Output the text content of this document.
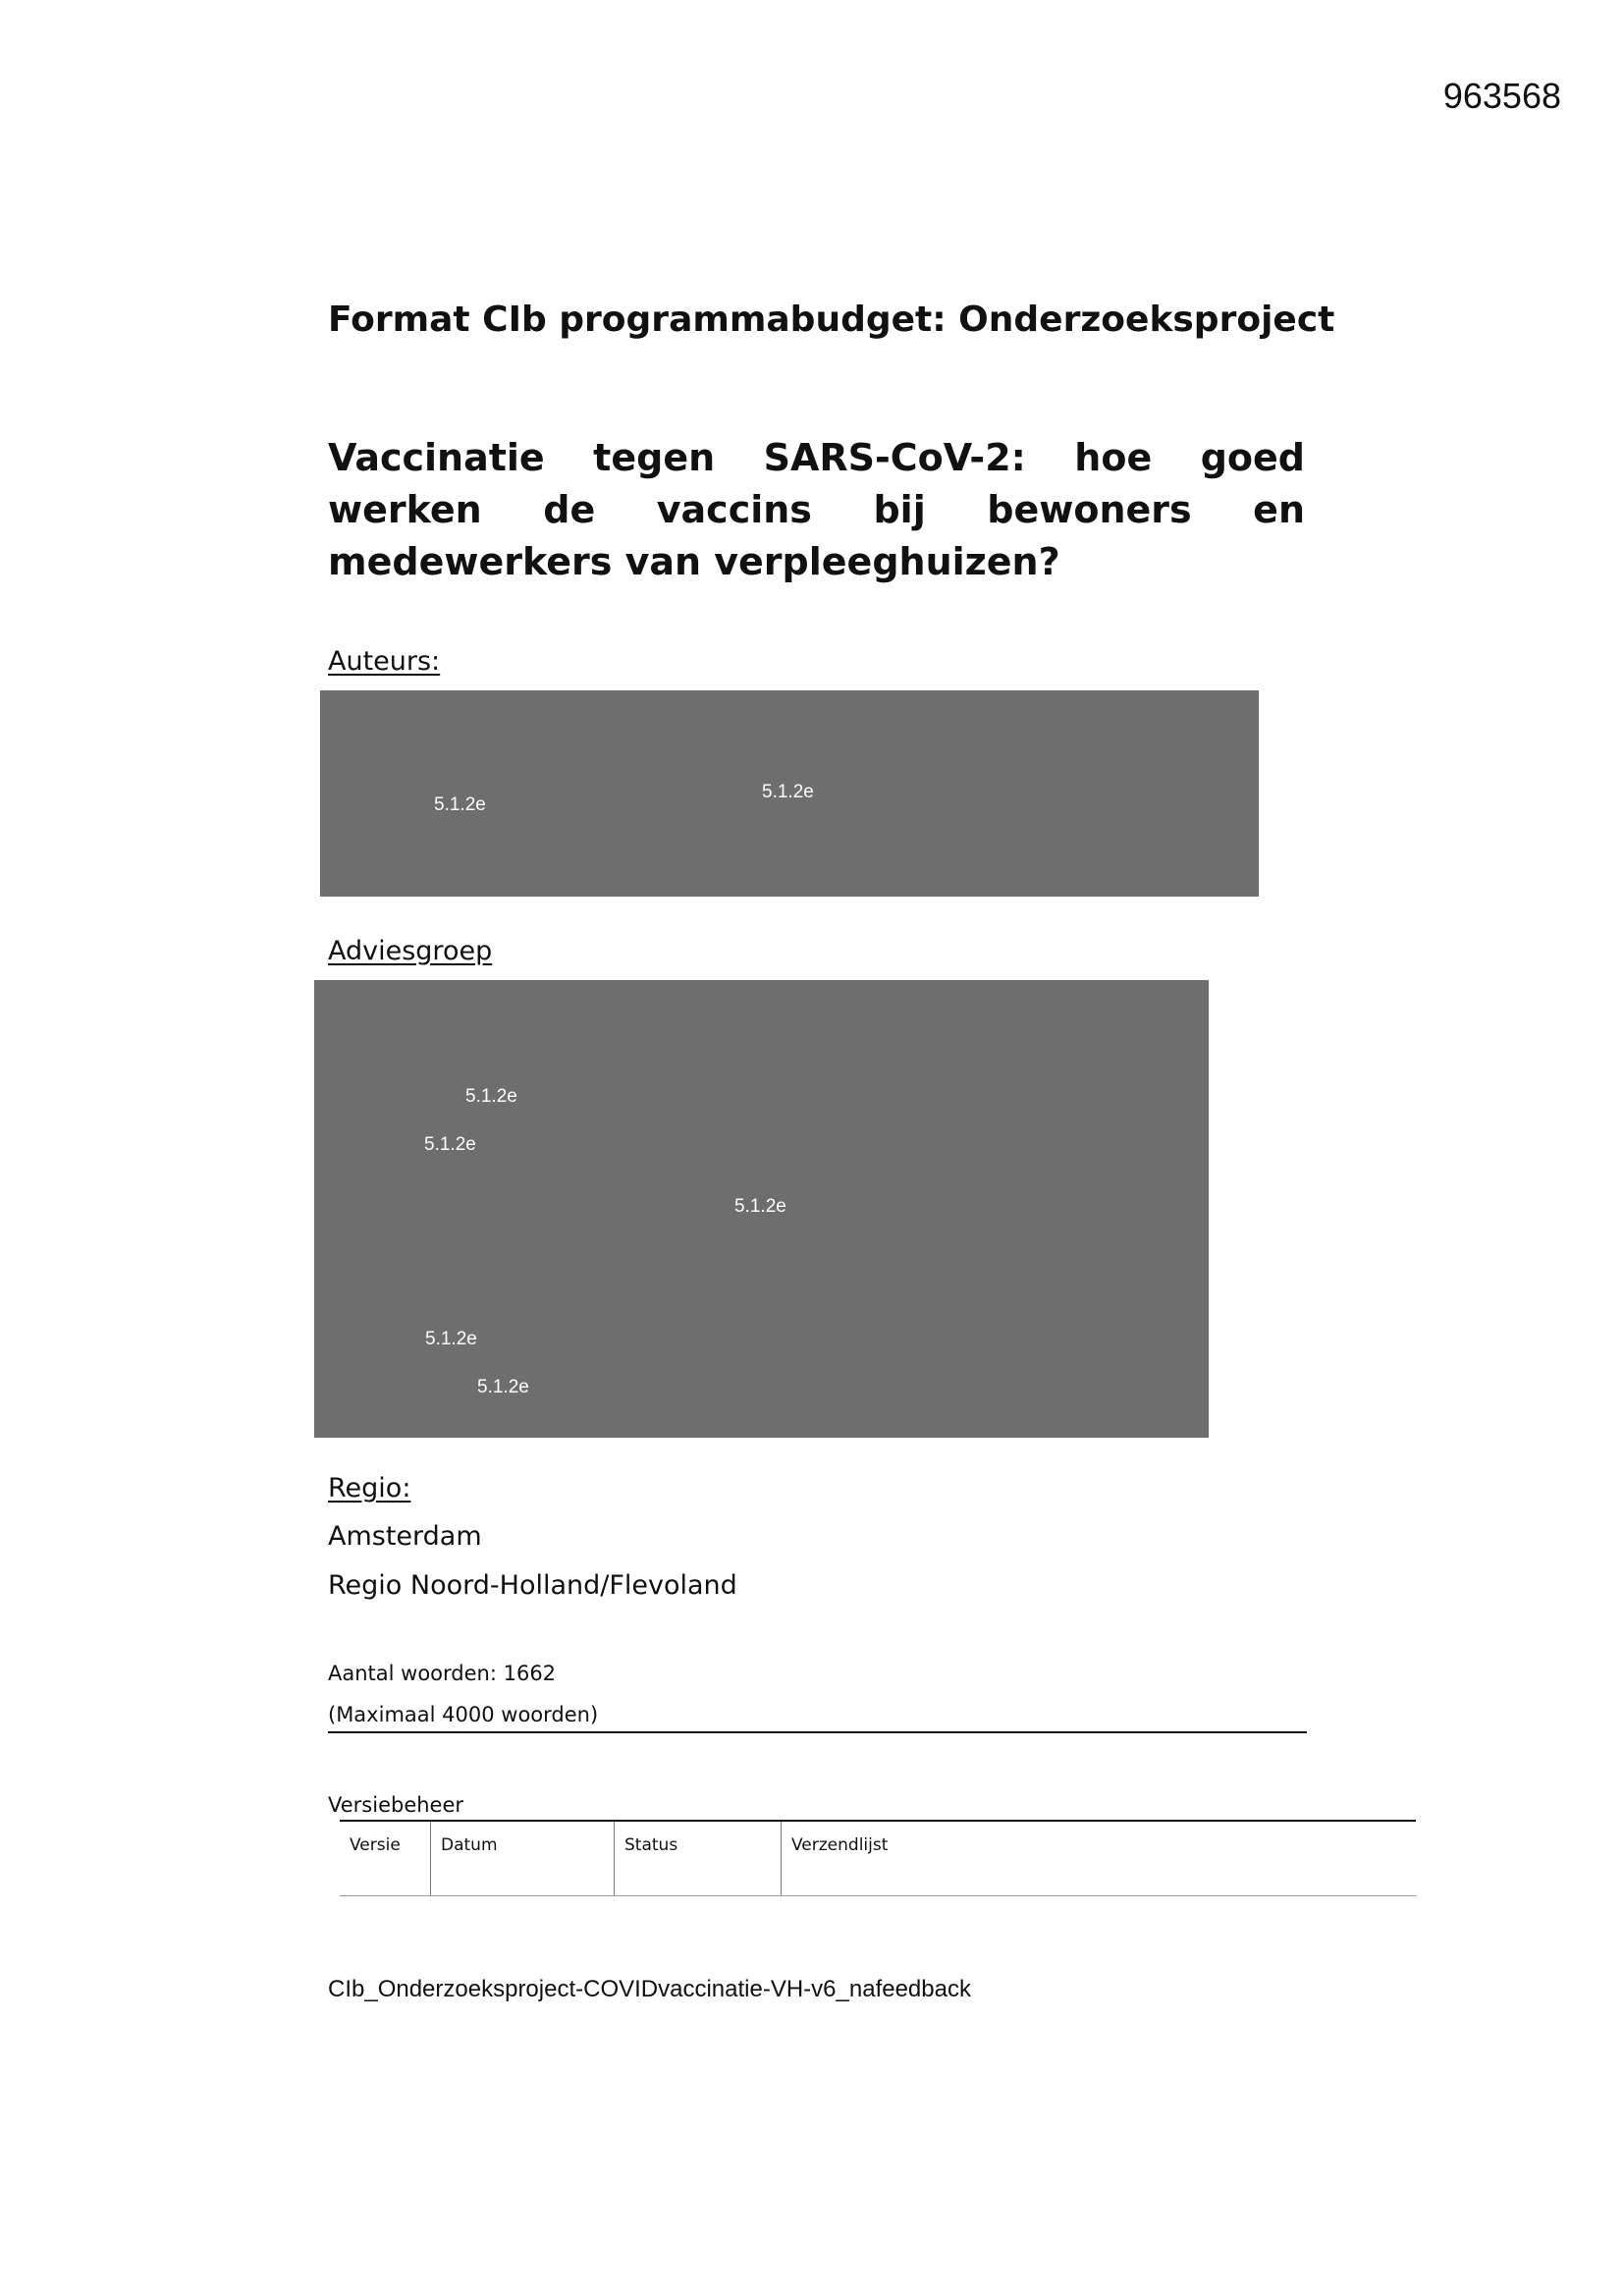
963568
Format CIb programmabudget: Onderzoeksproject
Vaccinatie tegen SARS-CoV-2: hoe goed werken de vaccins bij bewoners en medewerkers van verpleeghuizen?
Auteurs:
5.1.2e
5.1.2e
Adviesgroep
5.1.2e
5.1.2e
5.1.2e
5.1.2e
5.1.2e
Regio:
Amsterdam
Regio Noord-Holland/Flevoland
Aantal woorden: 1662
(Maximaal 4000 woorden)
Versiebeheer
Versie	Datum	Status	Verzendlijst
CIb_Onderzoeksproject-COVIDvaccinatie-VH-v6_nafeedback
